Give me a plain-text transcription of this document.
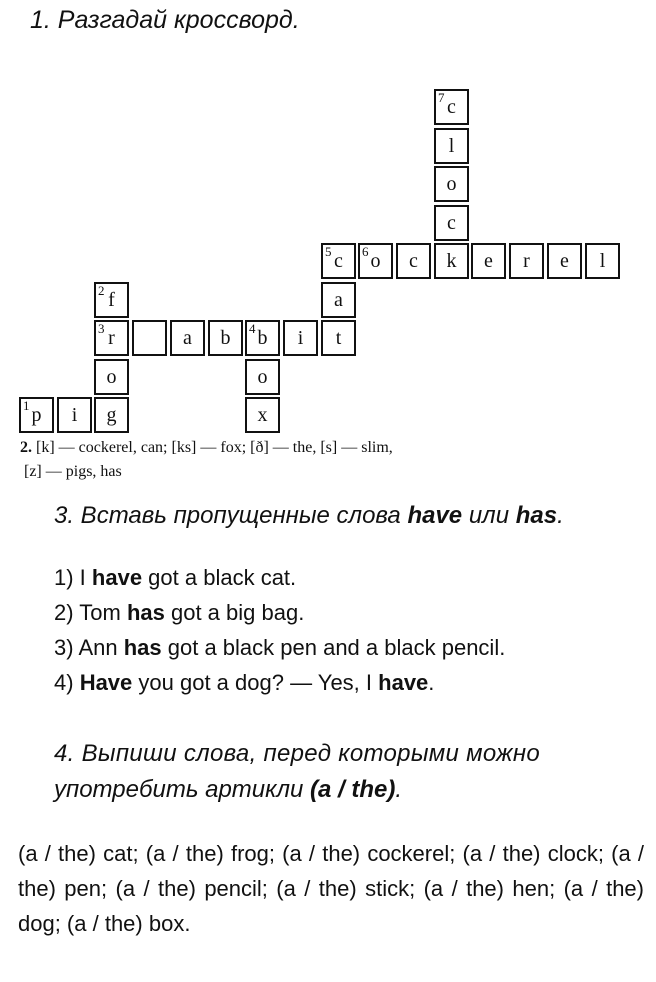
1. Разгадай кроссворд.
7 c
l
o
c
5 c 6 o c k e r e l
2 f	a
3 r	a b 4 b i t
o	o
1 p i g	x
2. [k] — cockerel, can; [ks] — fox; [ð] — the, [s] — slim,
[z] — pigs, has
3. Вставь пропущенные слова have или has.
1) I have got a black cat.
2) Tom has got a big bag.
3) Ann has got a black pen and a black pencil.
4) Have you got a dog? — Yes, I have.
4. Выпиши слова, перед которыми можно
употребить артикли (a / the).
(a / the) cat; (a / the) frog; (a / the) cockerel; (a / the) clock; (a / the) pen; (a / the) pencil; (a / the) stick; (a / the) hen; (a / the) dog; (a / the) box.
